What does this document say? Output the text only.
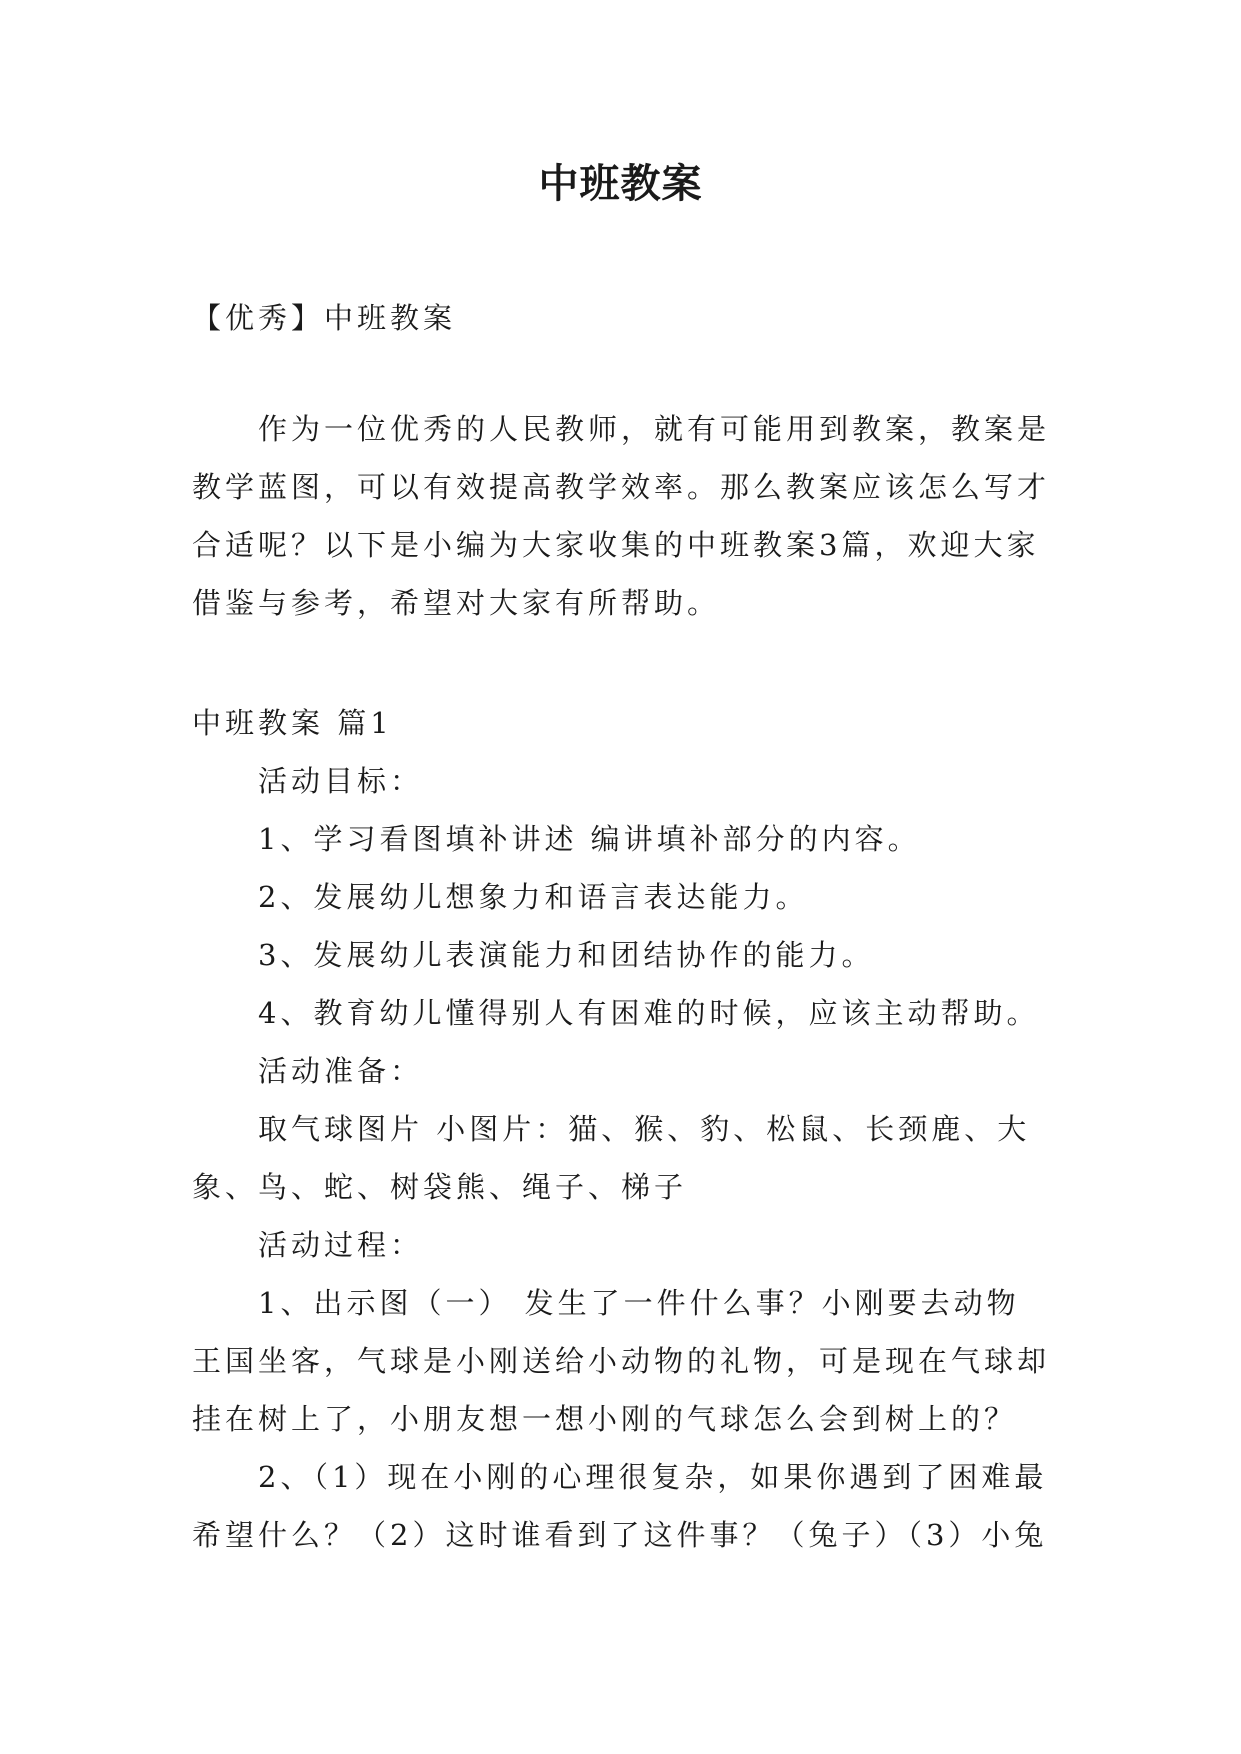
中班教案
【优秀】中班教案
作为一位优秀的人民教师，就有可能用到教案，教案是教学蓝图，可以有效提高教学效率。那么教案应该怎么写才合适呢？以下是小编为大家收集的中班教案3篇，欢迎大家借鉴与参考，希望对大家有所帮助。
中班教案 篇1
活动目标：
1、学习看图填补讲述 编讲填补部分的内容。
2、发展幼儿想象力和语言表达能力。
3、发展幼儿表演能力和团结协作的能力。
4、教育幼儿懂得别人有困难的时候，应该主动帮助。
活动准备：
取气球图片 小图片：猫、猴、豹、松鼠、长颈鹿、大象、鸟、蛇、树袋熊、绳子、梯子
活动过程：
1、出示图（一） 发生了一件什么事？小刚要去动物王国坐客，气球是小刚送给小动物的礼物，可是现在气球却挂在树上了，小朋友想一想小刚的气球怎么会到树上的？
2、（1）现在小刚的心理很复杂，如果你遇到了困难最希望什么？（2）这时谁看到了这件事？（兔子）（3）小兔
